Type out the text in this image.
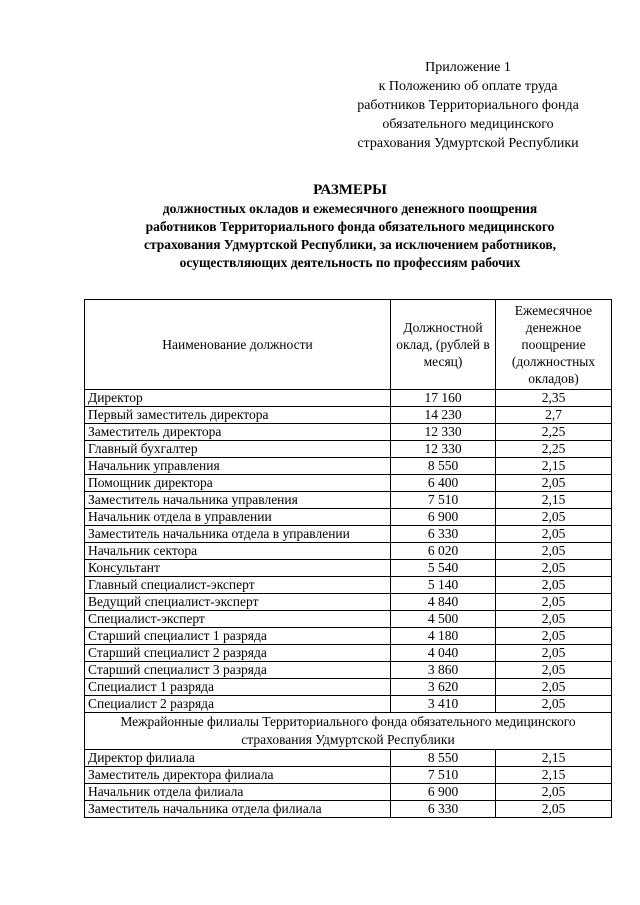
Приложение 1
к Положению об оплате труда
работников Территориального фонда
обязательного медицинского
страхования Удмуртской Республики
РАЗМЕРЫ
должностных окладов и ежемесячного денежного поощрения
работников Территориального фонда обязательного медицинского
страхования Удмуртской Республики, за исключением работников,
осуществляющих деятельность по профессиям рабочих
Наименование должности	Должностной оклад, (рублей в месяц)	Ежемесячное денежное поощрение (должностных окладов)
Директор	17 160	2,35
Первый заместитель директора	14 230	2,7
Заместитель директора	12 330	2,25
Главный бухгалтер	12 330	2,25
Начальник управления	8 550	2,15
Помощник директора	6 400	2,05
Заместитель начальника управления	7 510	2,15
Начальник отдела в управлении	6 900	2,05
Заместитель начальника отдела в управлении	6 330	2,05
Начальник сектора	6 020	2,05
Консультант	5 540	2,05
Главный специалист-эксперт	5 140	2,05
Ведущий специалист-эксперт	4 840	2,05
Специалист-эксперт	4 500	2,05
Старший специалист 1 разряда	4 180	2,05
Старший специалист 2 разряда	4 040	2,05
Старший специалист 3 разряда	3 860	2,05
Специалист 1 разряда	3 620	2,05
Специалист 2 разряда	3 410	2,05
Межрайонные филиалы Территориального фонда обязательного медицинского страхования Удмуртской Республики		
Директор филиала	8 550	2,15
Заместитель директора филиала	7 510	2,15
Начальник отдела филиала	6 900	2,05
Заместитель начальника отдела филиала	6 330	2,05
